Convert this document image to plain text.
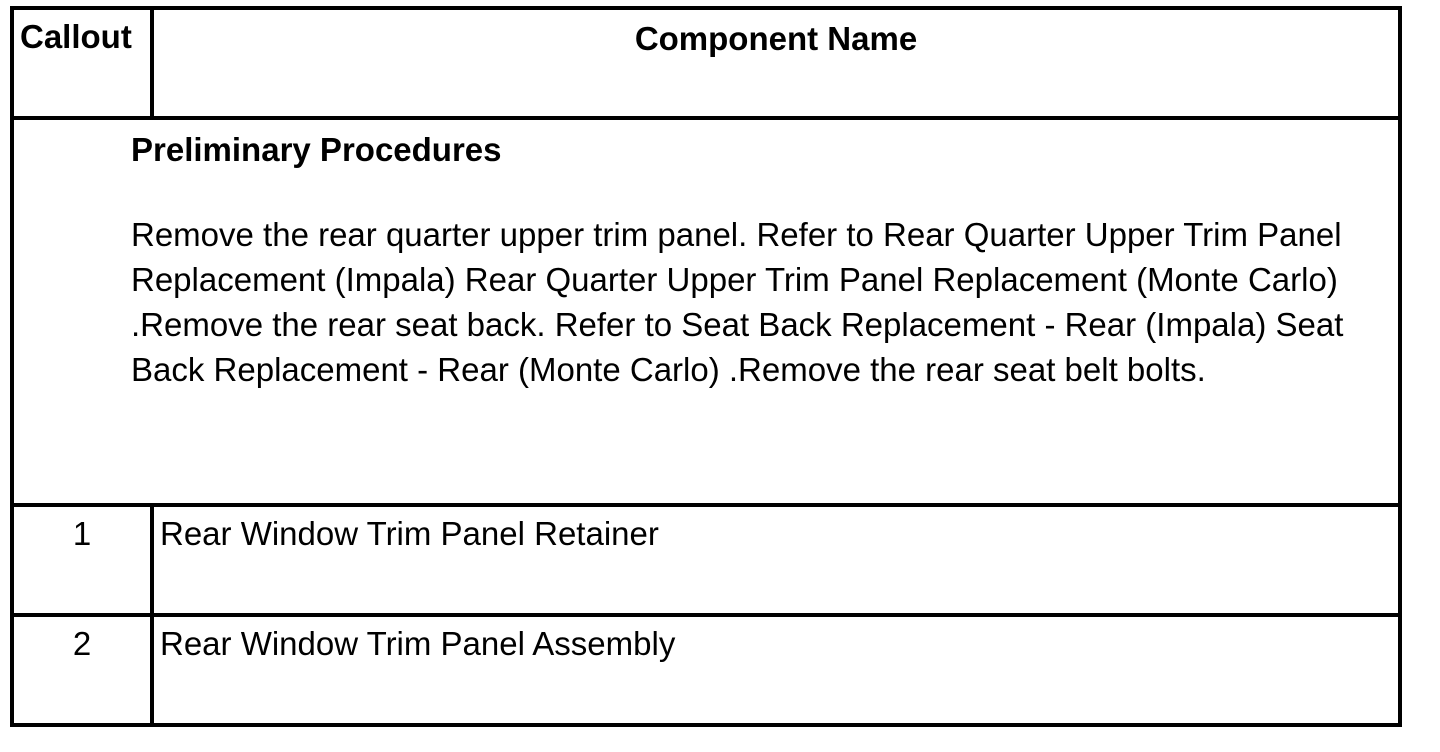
Callout	Component Name

Preliminary Procedures

Remove the rear quarter upper trim panel. Refer to Rear Quarter Upper Trim Panel Replacement (Impala) Rear Quarter Upper Trim Panel Replacement (Monte Carlo) .Remove the rear seat back. Refer to Seat Back Replacement - Rear (Impala) Seat Back Replacement - Rear (Monte Carlo) .Remove the rear seat belt bolts.	

1	Rear Window Trim Panel Retainer
2	Rear Window Trim Panel Assembly
